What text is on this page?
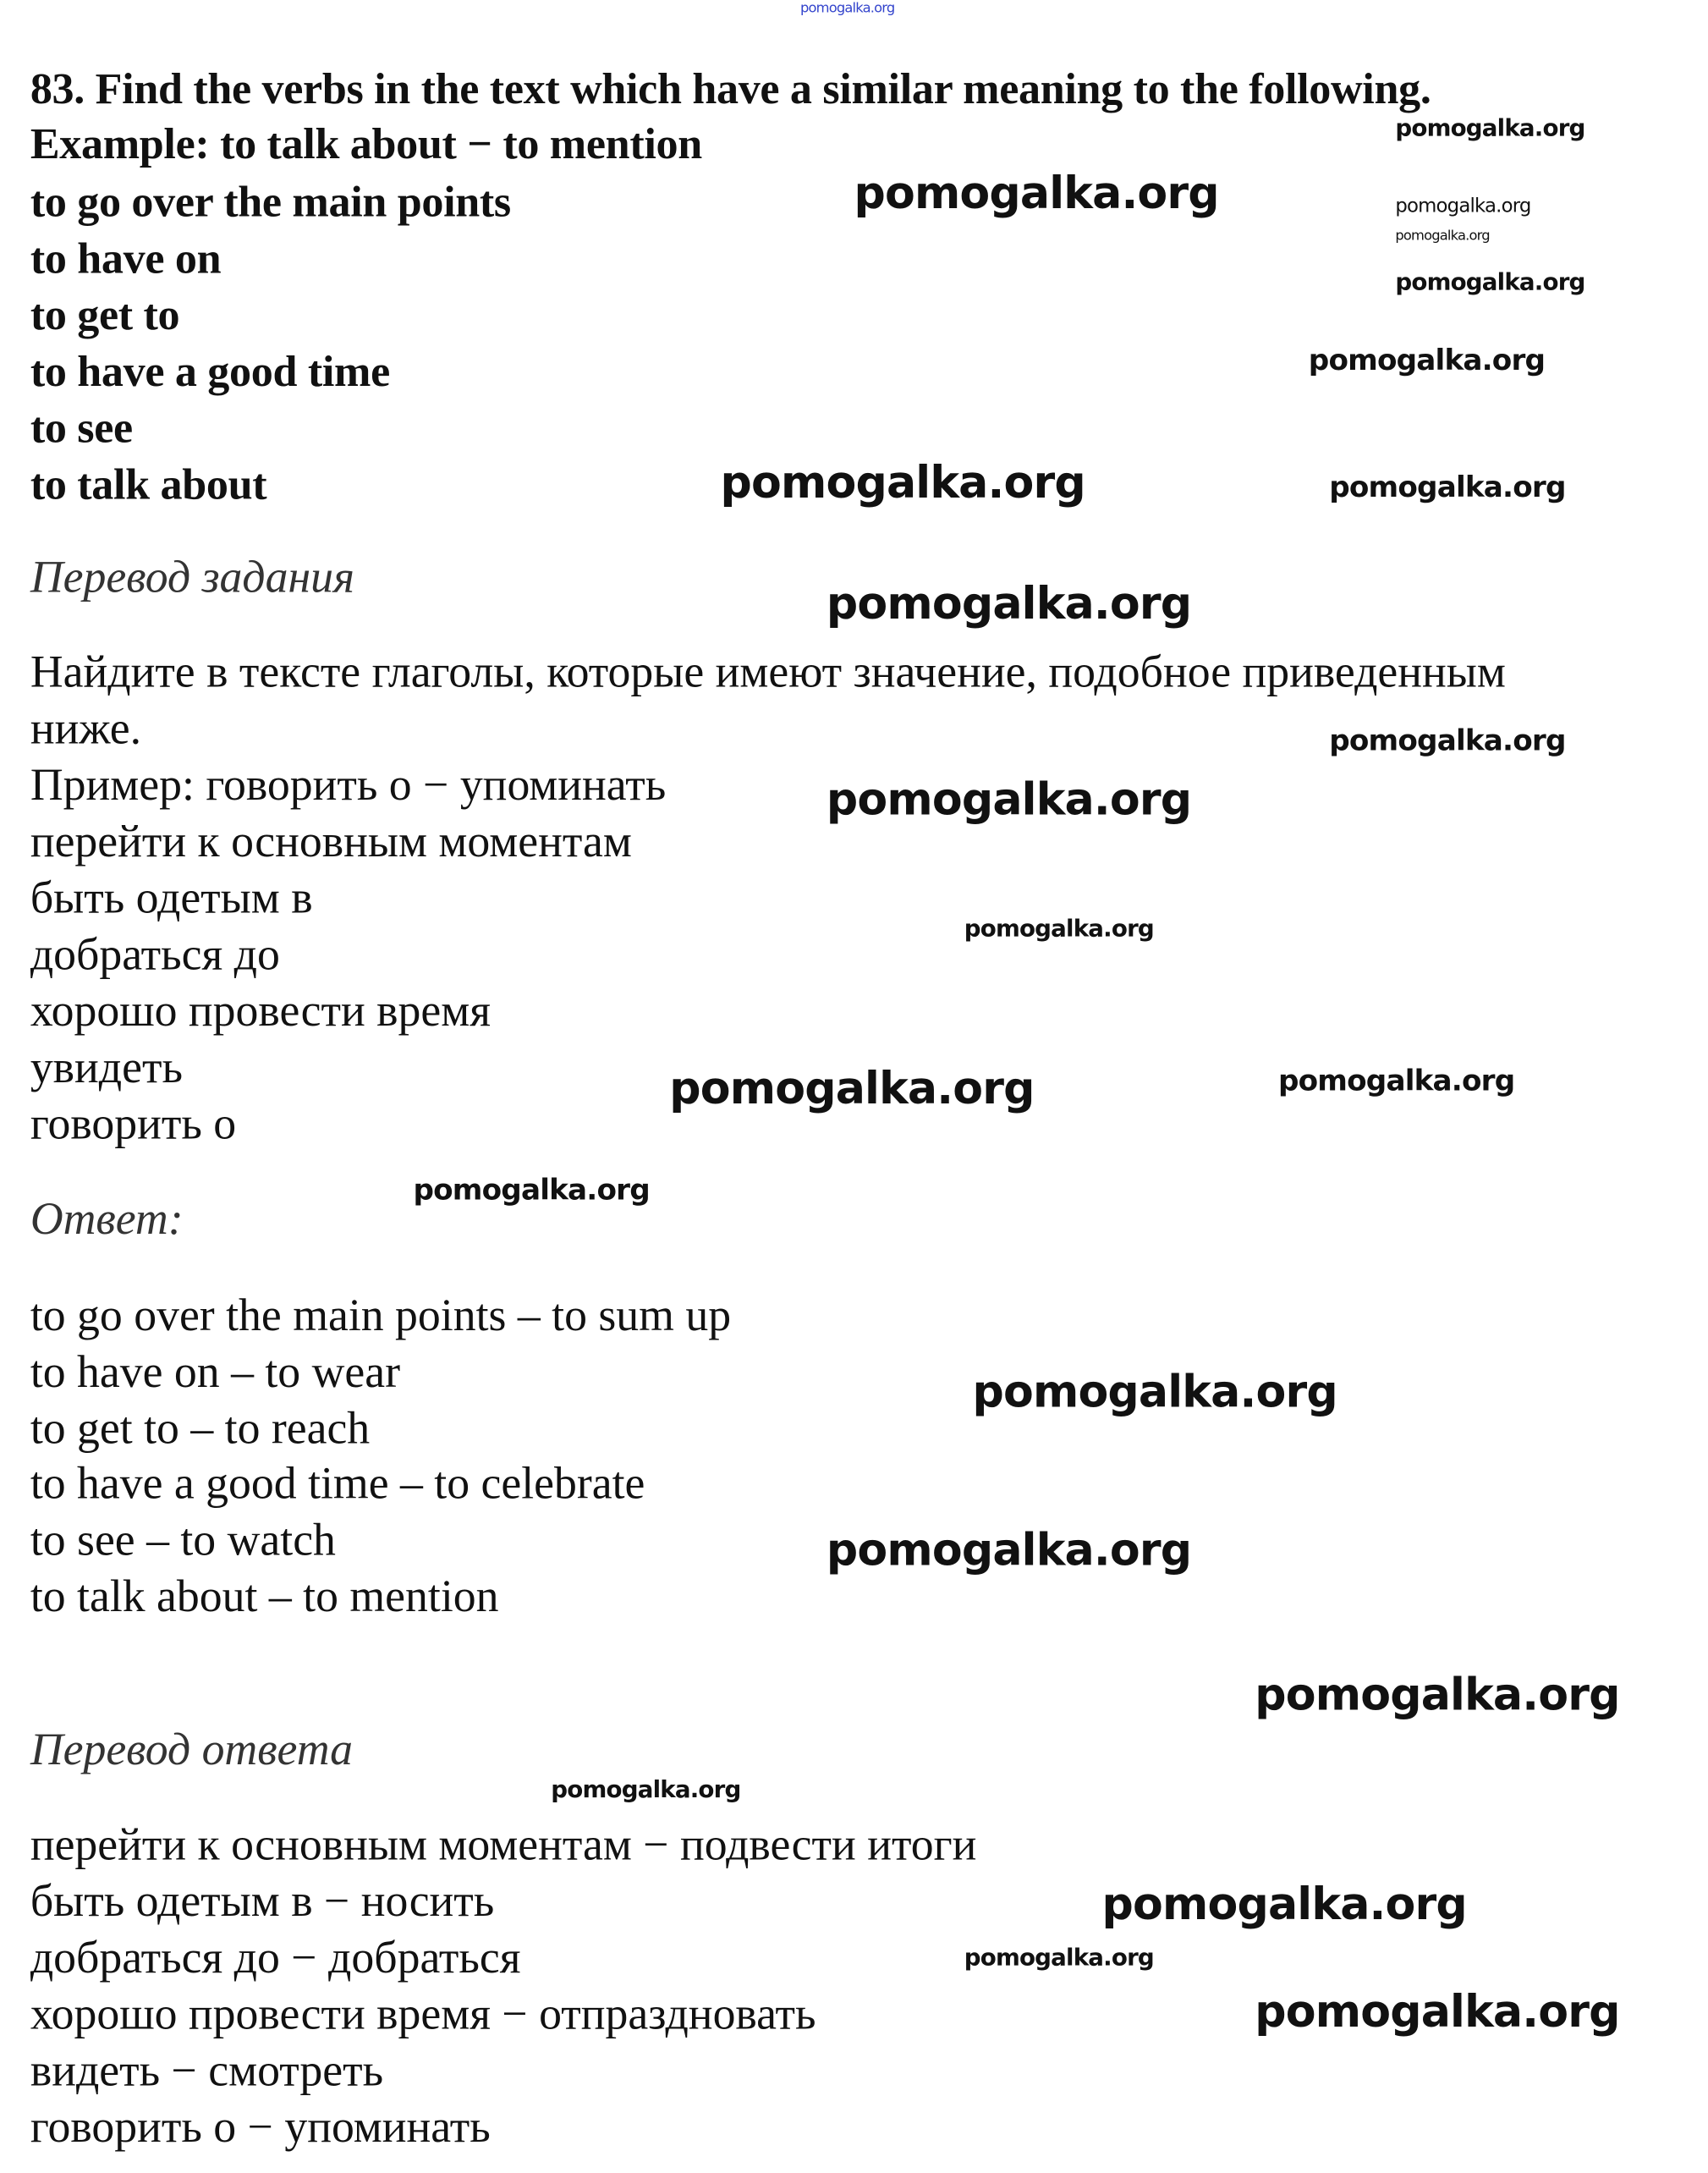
pomogalka.org
83. Find the verbs in the text which have a similar meaning to the following.
Example: to talk about − to mention
to go over the main points
to have on
to get to
to have a good time
to see
to talk about
Перевод задания
Найдите в тексте глаголы, которые имеют значение, подобное приведенным
ниже.
Пример: говорить о − упоминать
перейти к основным моментам
быть одетым в
добраться до
хорошо провести время
увидеть
говорить о
Ответ:
to go over the main points – to sum up
to have on – to wear
to get to – to reach
to have a good time – to celebrate
to see – to watch
to talk about – to mention
Перевод ответа
перейти к основным моментам − подвести итоги
быть одетым в − носить
добраться до − добраться
хорошо провести время − отпраздновать
видеть − смотреть
говорить о − упоминать
pomogalka.org
pomogalka.org
pomogalka.org
pomogalka.org
pomogalka.org
pomogalka.org
pomogalka.org	pomogalka.org
pomogalka.org
pomogalka.org
pomogalka.org
pomogalka.org
pomogalka.org	pomogalka.org
pomogalka.org
pomogalka.org
pomogalka.org
pomogalka.org
pomogalka.org
pomogalka.org
pomogalka.org
pomogalka.org
